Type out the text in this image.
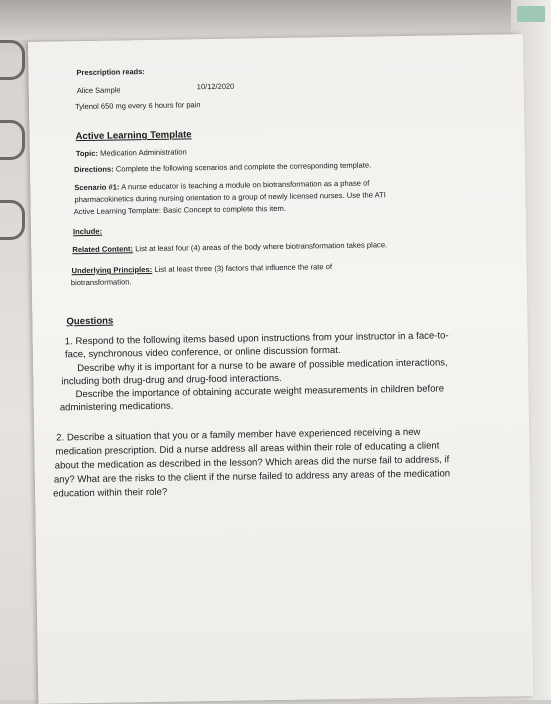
Prescription reads:
Alice Sample	10/12/2020
Tylenol 650 mg every 6 hours for pain
Active Learning Template
Topic: Medication Administration
Directions: Complete the following scenarios and complete the corresponding template.
Scenario #1: A nurse educator is teaching a module on biotransformation as a phase of
pharmacokinetics during nursing orientation to a group of newly licensed nurses. Use the ATI
Active Learning Template: Basic Concept to complete this item.
Include:
Related Content: List at least four (4) areas of the body where biotransformation takes place.
Underlying Principles: List at least three (3) factors that influence the rate of
biotransformation.
Questions
1. Respond to the following items based upon instructions from your instructor in a face-to-
face, synchronous video conference, or online discussion format.
Describe why it is important for a nurse to be aware of possible medication interactions,
including both drug-drug and drug-food interactions.
Describe the importance of obtaining accurate weight measurements in children before
administering medications.
2. Describe a situation that you or a family member have experienced receiving a new
medication prescription. Did a nurse address all areas within their role of educating a client
about the medication as described in the lesson? Which areas did the nurse fail to address, if
any? What are the risks to the client if the nurse failed to address any areas of the medication
education within their role?
